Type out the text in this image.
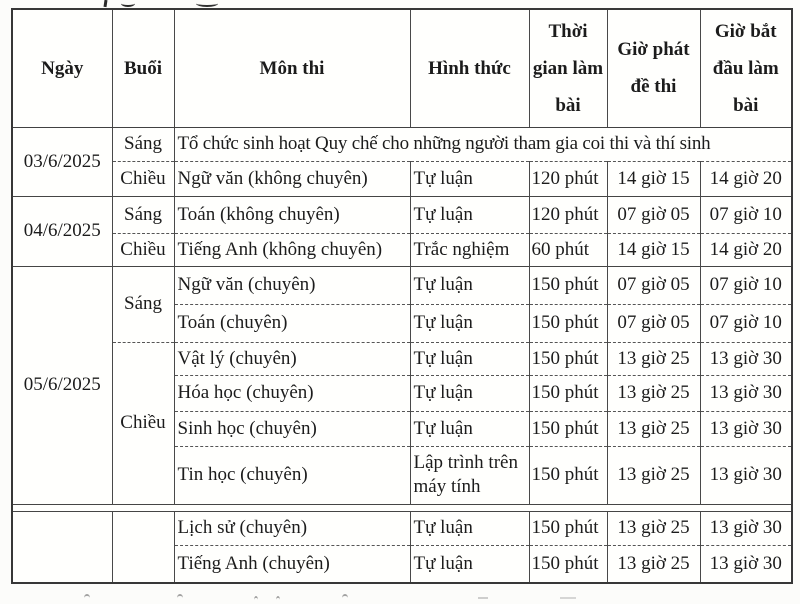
Ngày	Buổi	Môn thi	Hình thức	Thời gian làm bài	Giờ phát đề thi	Giờ bắt đầu làm bài
03/6/2025	Sáng	Tổ chức sinh hoạt Quy chế cho những người tham gia coi thi và thí sinh				
	Chiều	Ngữ văn (không chuyên)	Tự luận	120 phút	14 giờ 15	14 giờ 20
04/6/2025	Sáng	Toán (không chuyên)	Tự luận	120 phút	07 giờ 05	07 giờ 10
	Chiều	Tiếng Anh (không chuyên)	Trắc nghiệm	60 phút	14 giờ 15	14 giờ 20
05/6/2025	Sáng	Ngữ văn (chuyên)	Tự luận	150 phút	07 giờ 05	07 giờ 10
		Toán (chuyên)	Tự luận	150 phút	07 giờ 05	07 giờ 10
	Chiều	Vật lý (chuyên)	Tự luận	150 phút	13 giờ 25	13 giờ 30
		Hóa học (chuyên)	Tự luận	150 phút	13 giờ 25	13 giờ 30
		Sinh học (chuyên)	Tự luận	150 phút	13 giờ 25	13 giờ 30
		Tin học (chuyên)	Lập trình trên máy tính	150 phút	13 giờ 25	13 giờ 30

		Lịch sử (chuyên)	Tự luận	150 phút	13 giờ 25	13 giờ 30
		Tiếng Anh (chuyên)	Tự luận	150 phút	13 giờ 25	13 giờ 30
